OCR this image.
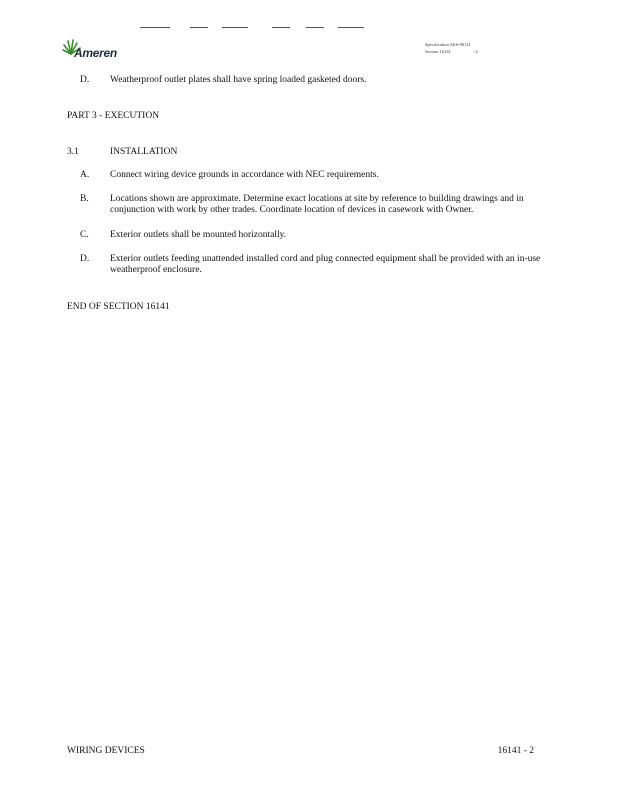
Ameren
Specification AES-00121
Section 16141	- 2
D. Weatherproof outlet plates shall have spring loaded gasketed doors.
PART 3 - EXECUTION
3.1	INSTALLATION
A. Connect wiring device grounds in accordance with NEC requirements.
B. Locations shown are approximate. Determine exact locations at site by reference to building drawings and in conjunction with work by other trades. Coordinate location of devices in casework with Owner.
C. Exterior outlets shall be mounted horizontally.
D. Exterior outlets feeding unattended installed cord and plug connected equipment shall be provided with an in-use weatherproof enclosure.
END OF SECTION 16141
WIRING DEVICES	16141 - 2
